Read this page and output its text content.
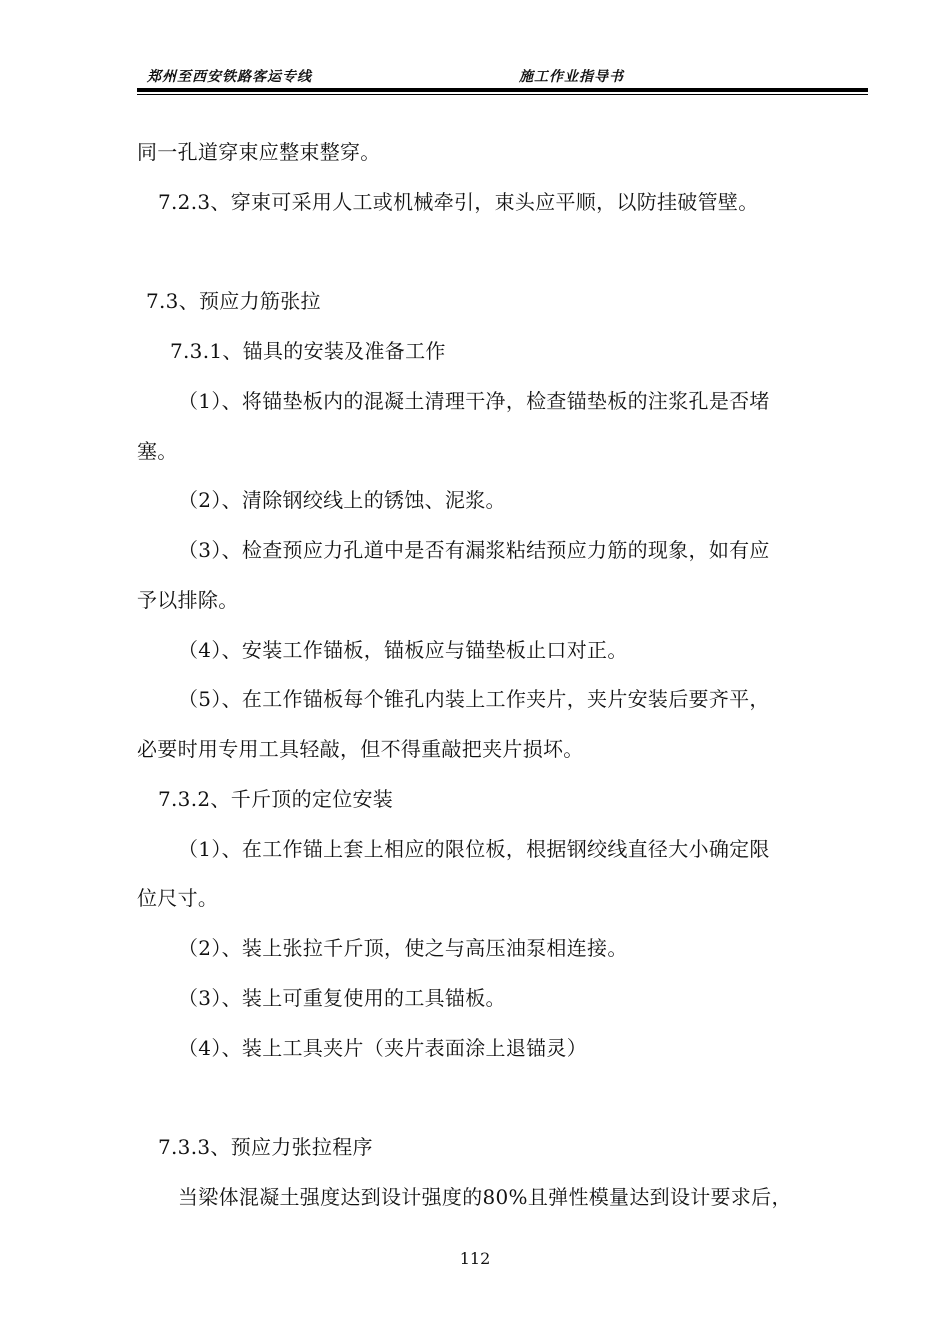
郑州至西安铁路客运专线	施工作业指导书
同一孔道穿束应整束整穿。
7.2.3、穿束可采用人工或机械牵引，束头应平顺，以防挂破管壁。
7.3、预应力筋张拉
7.3.1、锚具的安装及准备工作
（1）、将锚垫板内的混凝土清理干净，检查锚垫板的注浆孔是否堵
塞。
（2）、清除钢绞线上的锈蚀、泥浆。
（3）、检查预应力孔道中是否有漏浆粘结预应力筋的现象，如有应
予以排除。
（4）、安装工作锚板，锚板应与锚垫板止口对正。
（5）、在工作锚板每个锥孔内装上工作夹片，夹片安装后要齐平，
必要时用专用工具轻敲，但不得重敲把夹片损坏。
7.3.2、千斤顶的定位安装
（1）、在工作锚上套上相应的限位板，根据钢绞线直径大小确定限
位尺寸。
（2）、装上张拉千斤顶，使之与高压油泵相连接。
（3）、装上可重复使用的工具锚板。
（4）、装上工具夹片（夹片表面涂上退锚灵）
7.3.3、预应力张拉程序
当梁体混凝土强度达到设计强度的80%且弹性模量达到设计要求后，
112
